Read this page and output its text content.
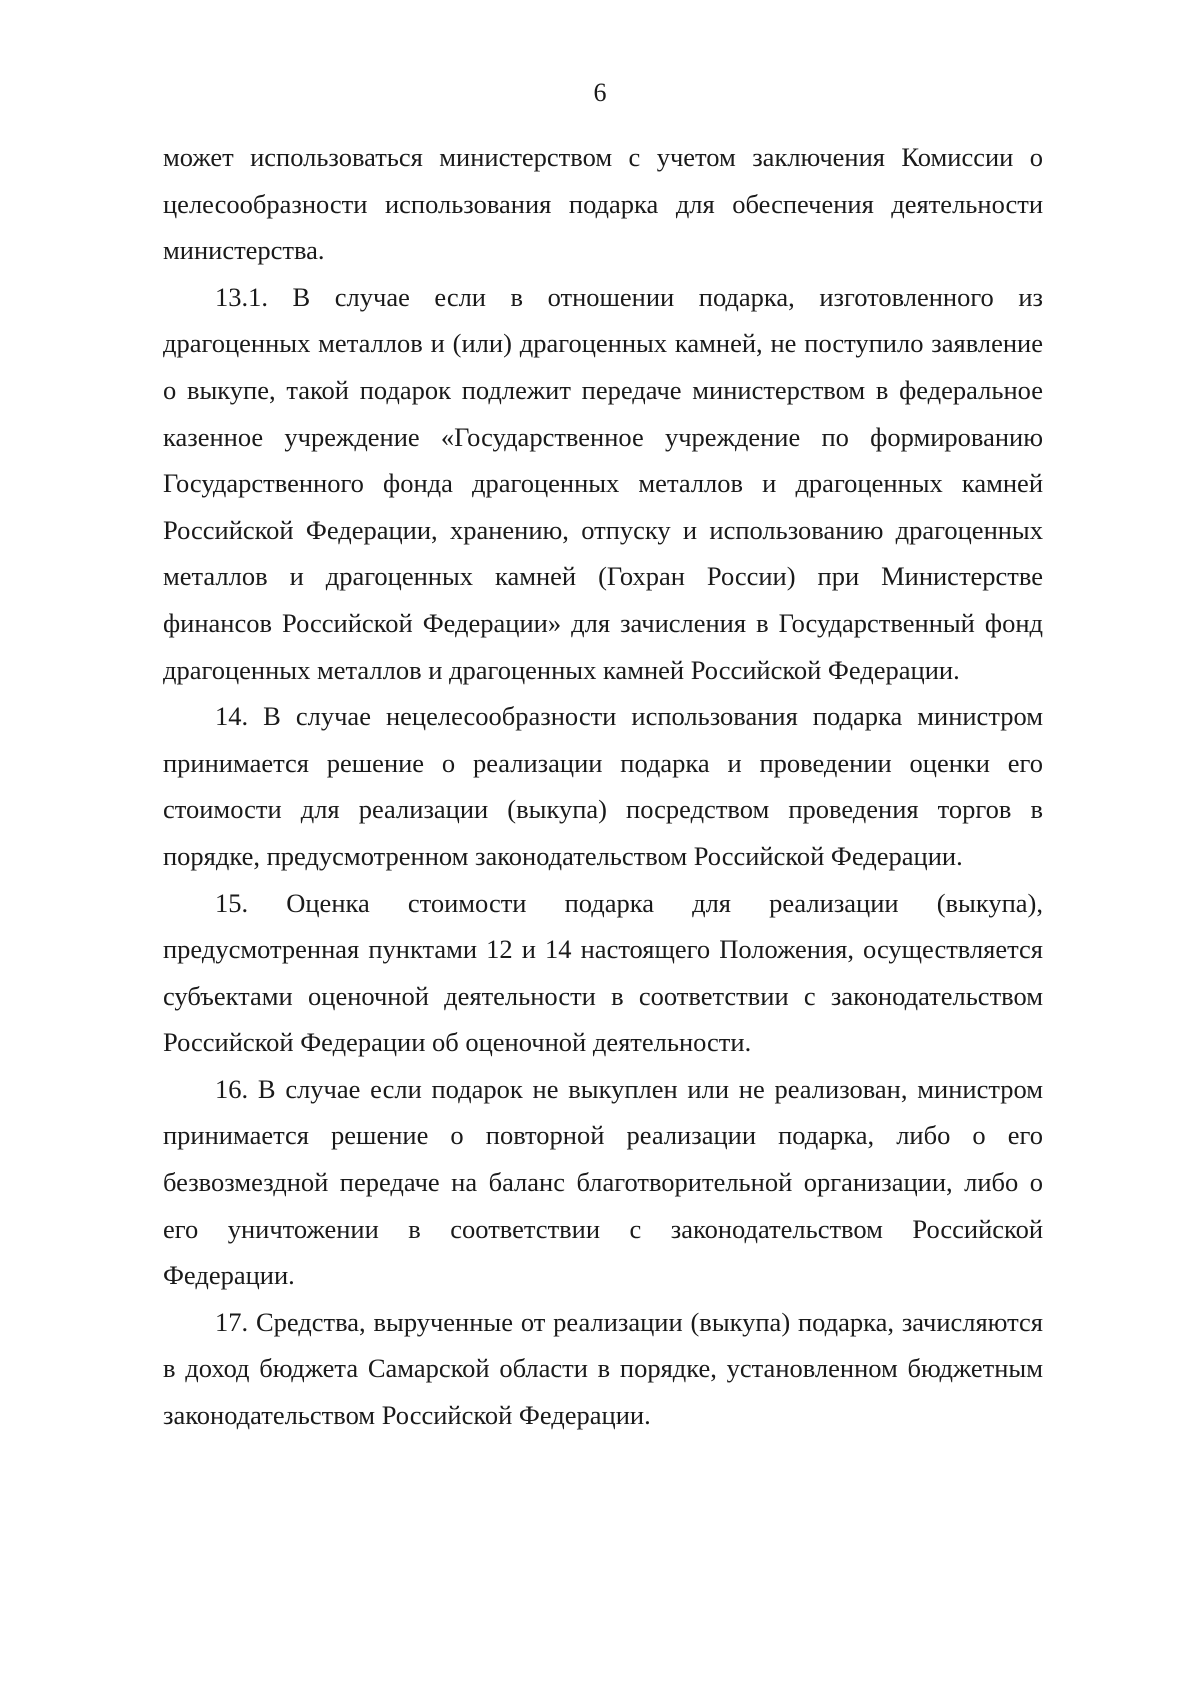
6

может использоваться министерством с учетом заключения Комиссии о целесообразности использования подарка для обеспечения деятельности министерства.

13.1. В случае если в отношении подарка, изготовленного из драгоценных металлов и (или) драгоценных камней, не поступило заявление о выкупе, такой подарок подлежит передаче министерством в федеральное казенное учреждение «Государственное учреждение по формированию Государственного фонда драгоценных металлов и драгоценных камней Российской Федерации, хранению, отпуску и использованию драгоценных металлов и драгоценных камней (Гохран России) при Министерстве финансов Российской Федерации» для зачисления в Государственный фонд драгоценных металлов и драгоценных камней Российской Федерации.

14. В случае нецелесообразности использования подарка министром принимается решение о реализации подарка и проведении оценки его стоимости для реализации (выкупа) посредством проведения торгов в порядке, предусмотренном законодательством Российской Федерации.

15. Оценка стоимости подарка для реализации (выкупа), предусмотренная пунктами 12 и 14 настоящего Положения, осуществляется субъектами оценочной деятельности в соответствии с законодательством Российской Федерации об оценочной деятельности.

16. В случае если подарок не выкуплен или не реализован, министром принимается решение о повторной реализации подарка, либо о его безвозмездной передаче на баланс благотворительной организации, либо о его уничтожении в соответствии с законодательством Российской Федерации.

17. Средства, вырученные от реализации (выкупа) подарка, зачисляются в доход бюджета Самарской области в порядке, установленном бюджетным законодательством Российской Федерации.
